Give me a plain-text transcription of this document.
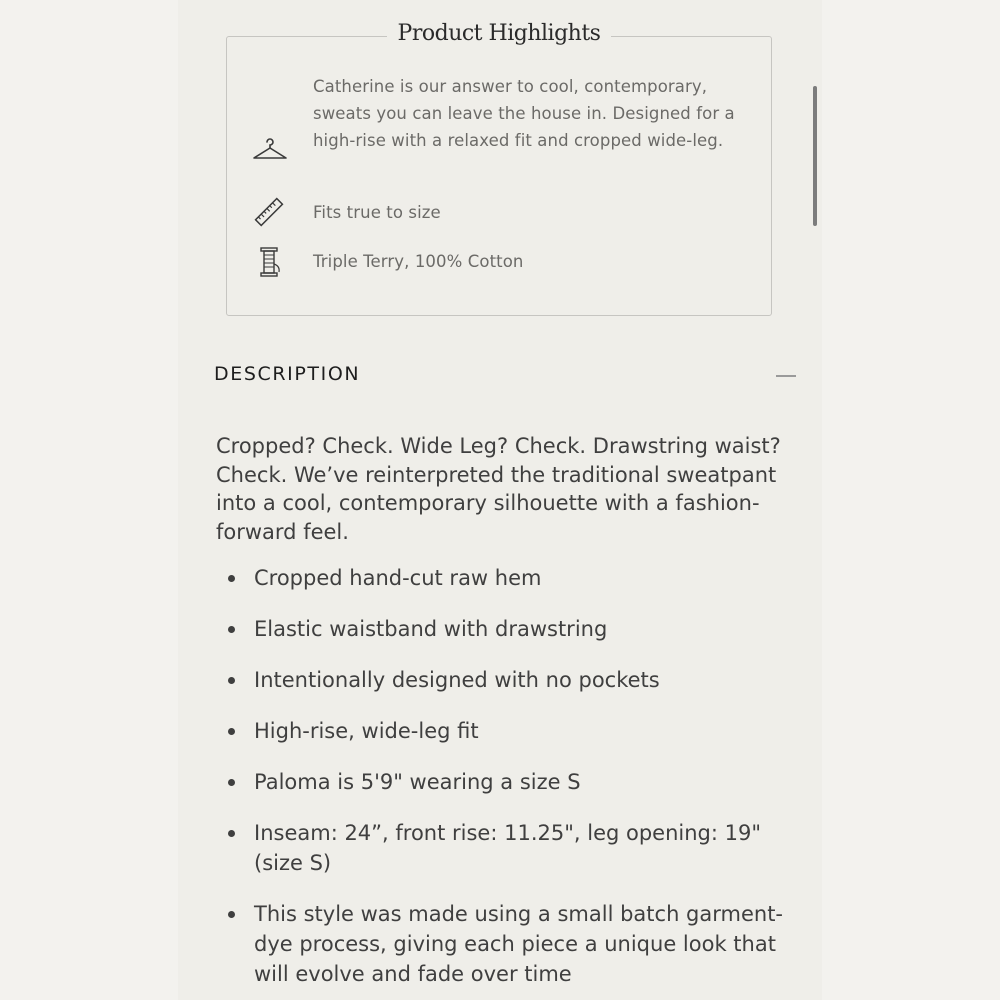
Product Highlights
Catherine is our answer to cool, contemporary, sweats you can leave the house in. Designed for a high-rise with a relaxed fit and cropped wide-leg.
Fits true to size
Triple Terry, 100% Cotton
DESCRIPTION
Cropped? Check. Wide Leg? Check. Drawstring waist? Check. We’ve reinterpreted the traditional sweatpant into a cool, contemporary silhouette with a fashion-forward feel.
Cropped hand-cut raw hem
Elastic waistband with drawstring
Intentionally designed with no pockets
High-rise, wide-leg fit
Paloma is 5'9" wearing a size S
Inseam: 24”, front rise: 11.25", leg opening: 19" (size S)
This style was made using a small batch garment-dye process, giving each piece a unique look that will evolve and fade over time
